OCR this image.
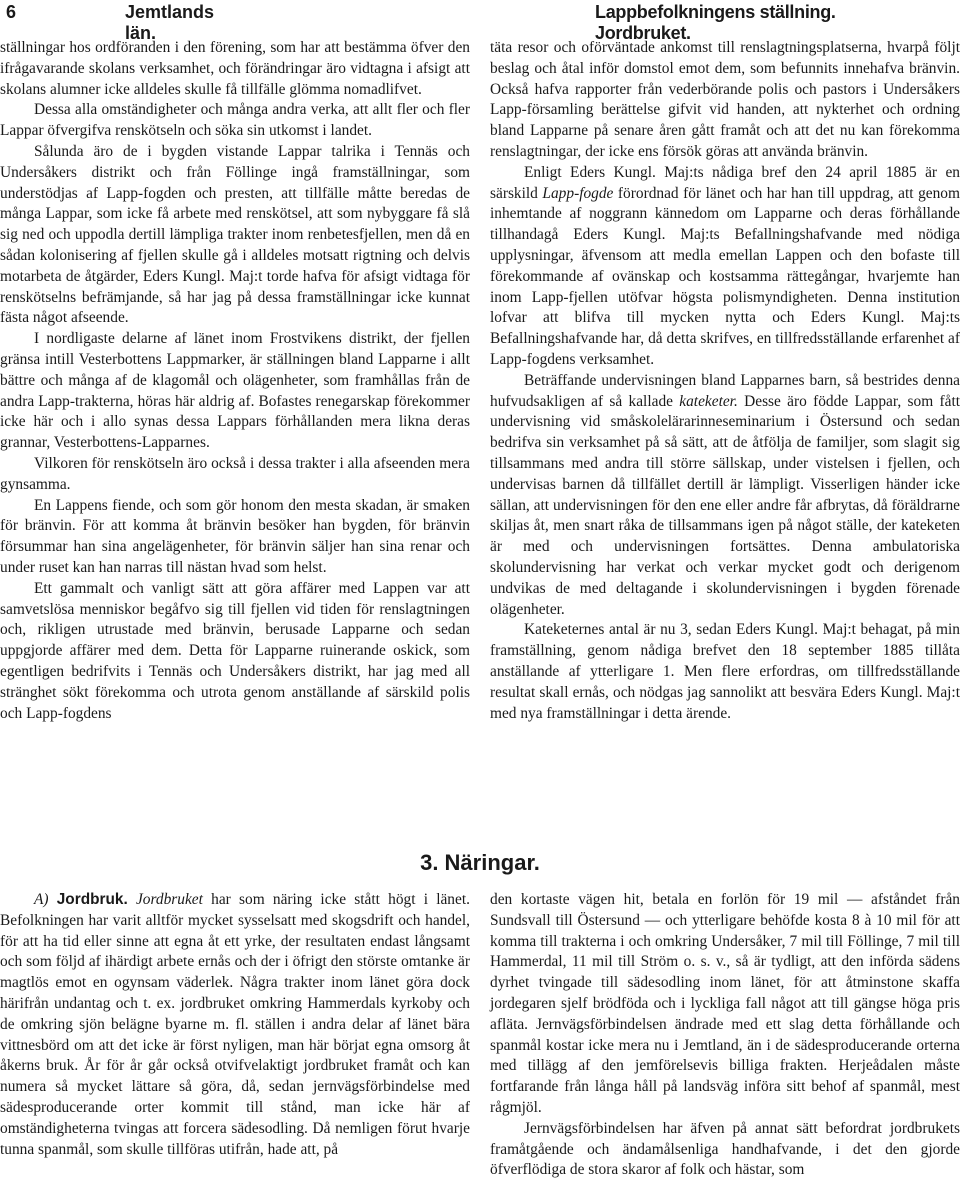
6	Jemtlands län.
Lappbefolkningens ställning. Jordbruket.

ställningar hos ordföranden i den förening, som har att bestämma öfver den ifrågavarande skolans verksamhet, och förändringar äro vidtagna i afsigt att skolans alumner icke alldeles skulle få tillfälle glömma nomadlifvet.

Dessa alla omständigheter och många andra verka, att allt fler och fler Lappar öfvergifva renskötseln och söka sin utkomst i landet.

Sålunda äro de i bygden vistande Lappar talrika i Tennäs och Undersåkers distrikt och från Föllinge ingå framställningar, som understödjas af Lapp-fogden och presten, att tillfälle måtte beredas de många Lappar, som icke få arbete med renskötsel, att som nybyggare få slå sig ned och uppodla dertill lämpliga trakter inom renbetesfjellen, men då en sådan kolonisering af fjellen skulle gå i alldeles motsatt rigtning och delvis motarbeta de åtgärder, Eders Kungl. Maj:t torde hafva för afsigt vidtaga för renskötselns befrämjande, så har jag på dessa framställningar icke kunnat fästa något afseende.

I nordligaste delarne af länet inom Frostvikens distrikt, der fjellen gränsa intill Vesterbottens Lappmarker, är ställningen bland Lapparne i allt bättre och många af de klagomål och olägenheter, som framhållas från de andra Lapp-trakterna, höras här aldrig af. Bofastes renegarskap förekommer icke här och i allo synas dessa Lappars förhållanden mera likna deras grannar, Vesterbottens-Lapparnes.

Vilkoren för renskötseln äro också i dessa trakter i alla afseenden mera gynsamma.

En Lappens fiende, och som gör honom den mesta skadan, är smaken för bränvin. För att komma åt bränvin besöker han bygden, för bränvin försummar han sina angelägenheter, för bränvin säljer han sina renar och under ruset kan han narras till nästan hvad som helst.

Ett gammalt och vanligt sätt att göra affärer med Lappen var att samvetslösa menniskor begåfvo sig till fjellen vid tiden för renslagtningen och, rikligen utrustade med bränvin, berusade Lapparne och sedan uppgjorde affärer med dem. Detta för Lapparne ruinerande oskick, som egentligen bedrifvits i Tennäs och Undersåkers distrikt, har jag med all stränghet sökt förekomma och utrota genom anställande af särskild polis och Lapp-fogdens

täta resor och oförväntade ankomst till renslagtningsplatserna, hvarpå följt beslag och åtal inför domstol emot dem, som befunnits innehafva bränvin. Också hafva rapporter från vederbörande polis och pastors i Undersåkers Lapp-församling berättelse gifvit vid handen, att nykterhet och ordning bland Lapparne på senare åren gått framåt och att det nu kan förekomma renslagtningar, der icke ens försök göras att använda bränvin.

Enligt Eders Kungl. Maj:ts nådiga bref den 24 april 1885 är en särskild Lapp-fogde förordnad för länet och har han till uppdrag, att genom inhemtande af noggrann kännedom om Lapparne och deras förhållande tillhandagå Eders Kungl. Maj:ts Befallningshafvande med nödiga upplysningar, äfvensom att medla emellan Lappen och den bofaste till förekommande af ovänskap och kostsamma rättegångar, hvarjemte han inom Lapp-fjellen utöfvar högsta polismyndigheten. Denna institution lofvar att blifva till mycken nytta och Eders Kungl. Maj:ts Befallningshafvande har, då detta skrifves, en tillfredsställande erfarenhet af Lapp-fogdens verksamhet.

Beträffande undervisningen bland Lapparnes barn, så bestrides denna hufvudsakligen af så kallade kateketer. Desse äro födde Lappar, som fått undervisning vid småskolelärarinneseminarium i Östersund och sedan bedrifva sin verksamhet på så sätt, att de åtfölja de familjer, som slagit sig tillsammans med andra till större sällskap, under vistelsen i fjellen, och undervisas barnen då tillfället dertill är lämpligt. Visserligen händer icke sällan, att undervisningen för den ene eller andre får afbrytas, då föräldrarne skiljas åt, men snart råka de tillsammans igen på något ställe, der kateketen är med och undervisningen fortsättes. Denna ambulatoriska skolundervisning har verkat och verkar mycket godt och derigenom undvikas de med deltagande i skolundervisningen i bygden förenade olägenheter.

Kateketernes antal är nu 3, sedan Eders Kungl. Maj:t behagat, på min framställning, genom nådiga brefvet den 18 september 1885 tillåta anställande af ytterligare 1. Men flere erfordras, om tillfredsställande resultat skall ernås, och nödgas jag sannolikt att besvära Eders Kungl. Maj:t med nya framställningar i detta ärende.

3. Näringar.

A) Jordbruk. Jordbruket har som näring icke stått högt i länet. Befolkningen har varit alltför mycket sysselsatt med skogsdrift och handel, för att ha tid eller sinne att egna åt ett yrke, der resultaten endast långsamt och som följd af ihärdigt arbete ernås och der i öfrigt den störste omtanke är magtlös emot en ogynsam väderlek. Några trakter inom länet göra dock härifrån undantag och t. ex. jordbruket omkring Hammerdals kyrkoby och de omkring sjön belägne byarne m. fl. ställen i andra delar af länet bära vittnesbörd om att det icke är först nyligen, man här börjat egna omsorg åt åkerns bruk. År för år går också otvifvelaktigt jordbruket framåt och kan numera så mycket lättare så göra, då, sedan jernvägsförbindelse med sädesproducerande orter kommit till stånd, man icke här af omständigheterna tvingas att forcera sädesodling. Då nemligen förut hvarje tunna spanmål, som skulle tillföras utifrån, hade att, på

den kortaste vägen hit, betala en forlön för 19 mil — afståndet från Sundsvall till Östersund — och ytterligare behöfde kosta 8 à 10 mil för att komma till trakterna i och omkring Undersåker, 7 mil till Föllinge, 7 mil till Hammerdal, 11 mil till Ström o. s. v., så är tydligt, att den införda sädens dyrhet tvingade till sädesodling inom länet, för att åtminstone skaffa jordegaren sjelf brödföda och i lyckliga fall något att till gängse höga pris afläta. Jernvägsförbindelsen ändrade med ett slag detta förhållande och spanmål kostar icke mera nu i Jemtland, än i de sädesproducerande orterna med tillägg af den jemförelsevis billiga frakten. Herjeådalen måste fortfarande från långa håll på landsväg införa sitt behof af spanmål, mest rågmjöl.

Jernvägsförbindelsen har äfven på annat sätt befordrat jordbrukets framåtgående och ändamålsenliga handhafvande, i det den gjorde öfverflödiga de stora skaror af folk och hästar, som
